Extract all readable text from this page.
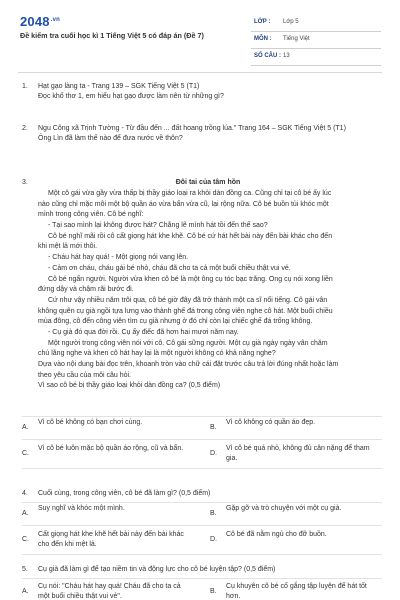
$2048^{.vn}$
Đề kiểm tra cuối học kì 1 Tiếng Việt 5 có đáp án (Đề 7)
LỚP : Lớp 5
MÔN : Tiếng Việt
SỐ CÂU : 13
1. Hạt gạo làng ta - Trang 139 – SGK Tiếng Việt 5 (T1)
Đọc khổ thơ 1, em hiểu hạt gạo được làm nên từ những gì?
2. Ngu Công xã Trịnh Tường - Từ đầu đến ... đất hoang trồng lúa." Trang 164 – SGK Tiếng Việt 5 (T1)
Ông Lìn đã làm thế nào để đưa nước về thôn?
3.	Đôi tai của tâm hồn
Một cô gái vừa gầy vừa thấp bị thầy giáo loại ra khỏi dàn đồng ca. Cũng chỉ tại cô bé ấy lúc
nào cũng chỉ mặc mỗi một bộ quần áo vừa bẩn vừa cũ, lại rộng nữa. Cô bé buồn tủi khóc một
mình trong công viên. Cô bé nghĩ:
- Tại sao mình lại không được hát? Chẳng lẽ mình hát tồi đến thế sao?
Cô bé nghĩ mãi rồi cô cất giọng hát khe khẽ. Cô bé cứ hát hết bài này đến bài khác cho đến
khi mệt lả mới thôi.
- Cháu hát hay quá! - Một giọng nói vang lên.
- Cảm ơn cháu, cháu gái bé nhỏ, cháu đã cho ta cả một buổi chiều thật vui vẻ.
Cô bé ngẩn người. Người vừa khen cô bé là một ông cụ tóc bạc trắng. Ông cụ nói xong liền
đứng dậy và chậm rãi bước đi.
Cứ như vậy nhiều năm trôi qua, cô bé giờ đây đã trở thành một ca sĩ nổi tiếng. Cô gái vẫn
không quên cụ già ngồi tựa lưng vào thành ghế đá trong công viên nghe cô hát. Một buổi chiều
mùa đông, cô đến công viên tìm cụ già nhưng ở đó chỉ còn lại chiếc ghế đá trống không.
- Cụ già đó qua đời rồi. Cụ ấy điếc đã hơn hai mươi năm nay.
Một người trong công viên nói với cô. Cô gái sững người. Một cụ già ngày ngày vẫn chăm
chú lắng nghe và khen cô hát hay lại là một người không có khả năng nghe?
Dựa vào nội dung bài đọc trên, khoanh tròn vào chữ cái đặt trước câu trả lời đúng nhất hoặc làm
theo yêu cầu của mỗi câu hỏi.
Vì sao cô bé bị thầy giáo loại khỏi dàn đồng ca? (0,5 điểm)
A.
Vì cô bé không có bạn chơi cùng.
B.
Vì cô không có quần áo đẹp.
C.
Vì cô bé luôn mặc bộ quần áo rộng, cũ và bẩn.
D.
Vì cô bé quá nhỏ, không đủ cân nặng để tham gia.
4. Cuối cùng, trong công viên, cô bé đã làm gì? (0,5 điểm)
A.
Suy nghĩ và khóc một mình.
B.
Gặp gỡ và trò chuyện với một cụ già.
C.
Cất giọng hát khe khẽ hết bài này đến bài khác cho đến khi mệt lả.
D.
Cô bé đã nằm ngủ cho đỡ buồn.
5. Cụ già đã làm gì để tạo niềm tin và động lực cho cô bé luyện tập? (0,5 điểm)
A.
Cụ nói: "Cháu hát hay quá! Cháu đã cho ta cả một buổi chiều thật vui vẻ".
B.
Cụ khuyên cô bé cố gắng tập luyện để hát tốt hơn.
